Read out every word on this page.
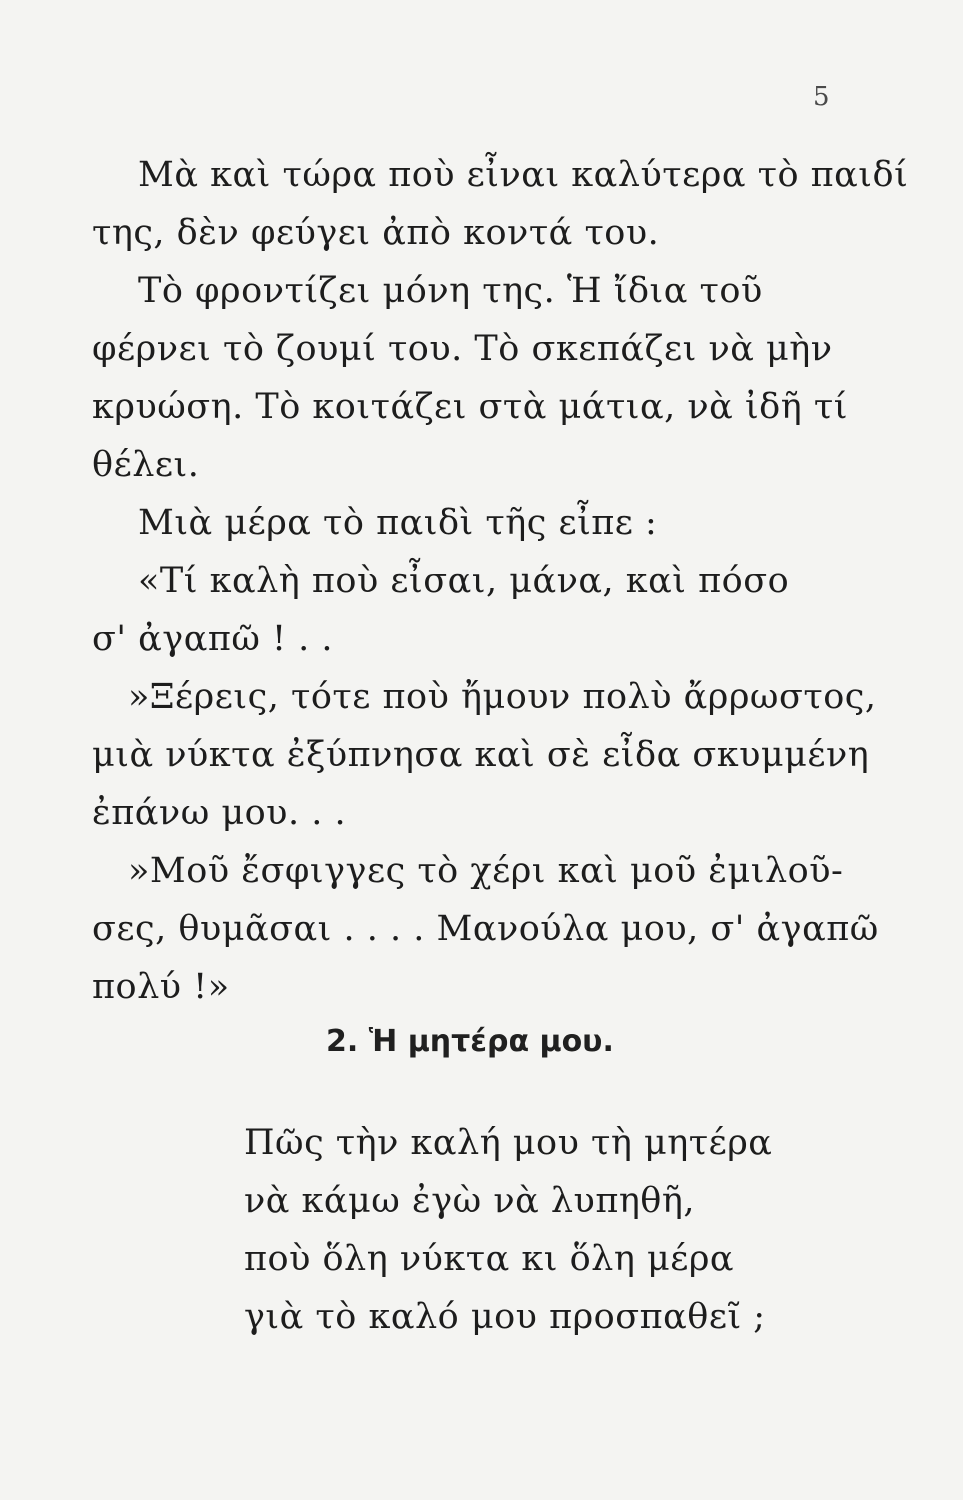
5
Μὰ καὶ τώρα ποὺ εἶναι καλύτερα τὸ παιδί
της, δὲν φεύγει ἀπὸ κοντά του.
Τὸ φροντίζει μόνη της. Ἡ ἴδια τοῦ
φέρνει τὸ ζουμί του. Τὸ σκεπάζει νὰ μὴν
κρυώση. Τὸ κοιτάζει στὰ μάτια, νὰ ἰδῆ τί
θέλει.
Μιὰ μέρα τὸ παιδὶ τῆς εἶπε :
«Τί καλὴ ποὺ εἶσαι, μάνα, καὶ πόσο
σ' ἀγαπῶ ! . .
»Ξέρεις, τότε ποὺ ἤμουν πολὺ ἄρρωστος,
μιὰ νύκτα ἐξύπνησα καὶ σὲ εἶδα σκυμμένη
ἐπάνω μου. . .
»Μοῦ ἔσφιγγες τὸ χέρι καὶ μοῦ ἐμιλοῦ-
σες, θυμᾶσαι . . . . Μανούλα μου, σ' ἀγαπῶ
πολύ !»
2. Ἡ μητέρα μου.
Πῶς τὴν καλή μου τὴ μητέρα
νὰ κάμω ἐγὼ νὰ λυπηθῆ,
ποὺ ὅλη νύκτα κι ὅλη μέρα
γιὰ τὸ καλό μου προσπαθεῖ ;
